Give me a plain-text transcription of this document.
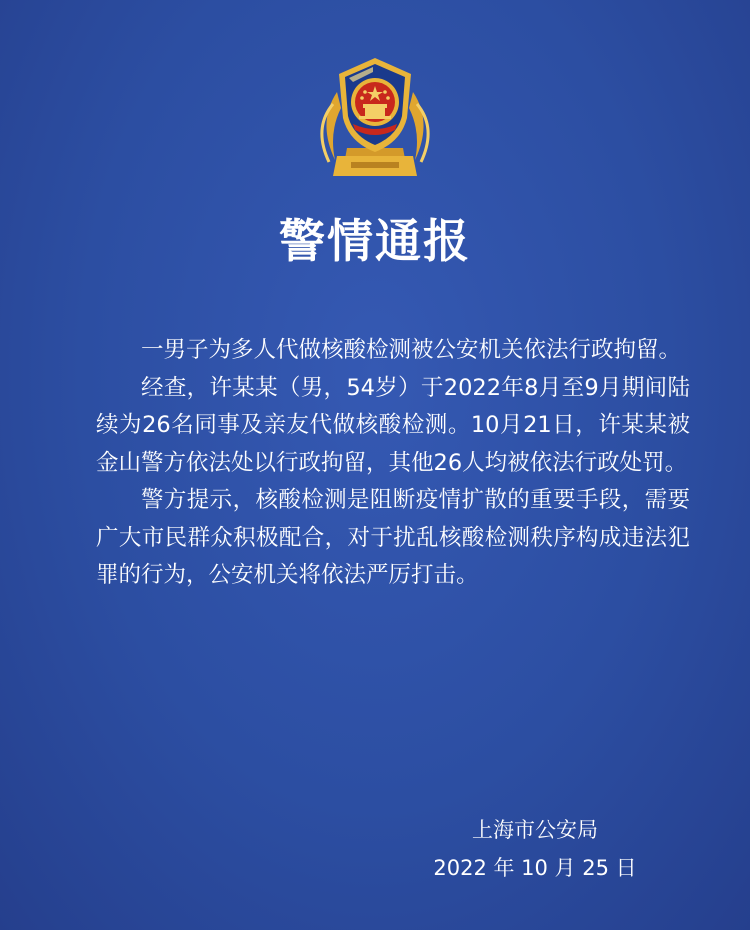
警情通报

一男子为多人代做核酸检测被公安机关依法行政拘留。

经查，许某某（男，54岁）于2022年8月至9月期间陆续为26名同事及亲友代做核酸检测。10月21日，许某某被金山警方依法处以行政拘留，其他26人均被依法行政处罚。

警方提示，核酸检测是阻断疫情扩散的重要手段，需要广大市民群众积极配合，对于扰乱核酸检测秩序构成违法犯罪的行为，公安机关将依法严厉打击。

上海市公安局
2022 年 10 月 25 日
